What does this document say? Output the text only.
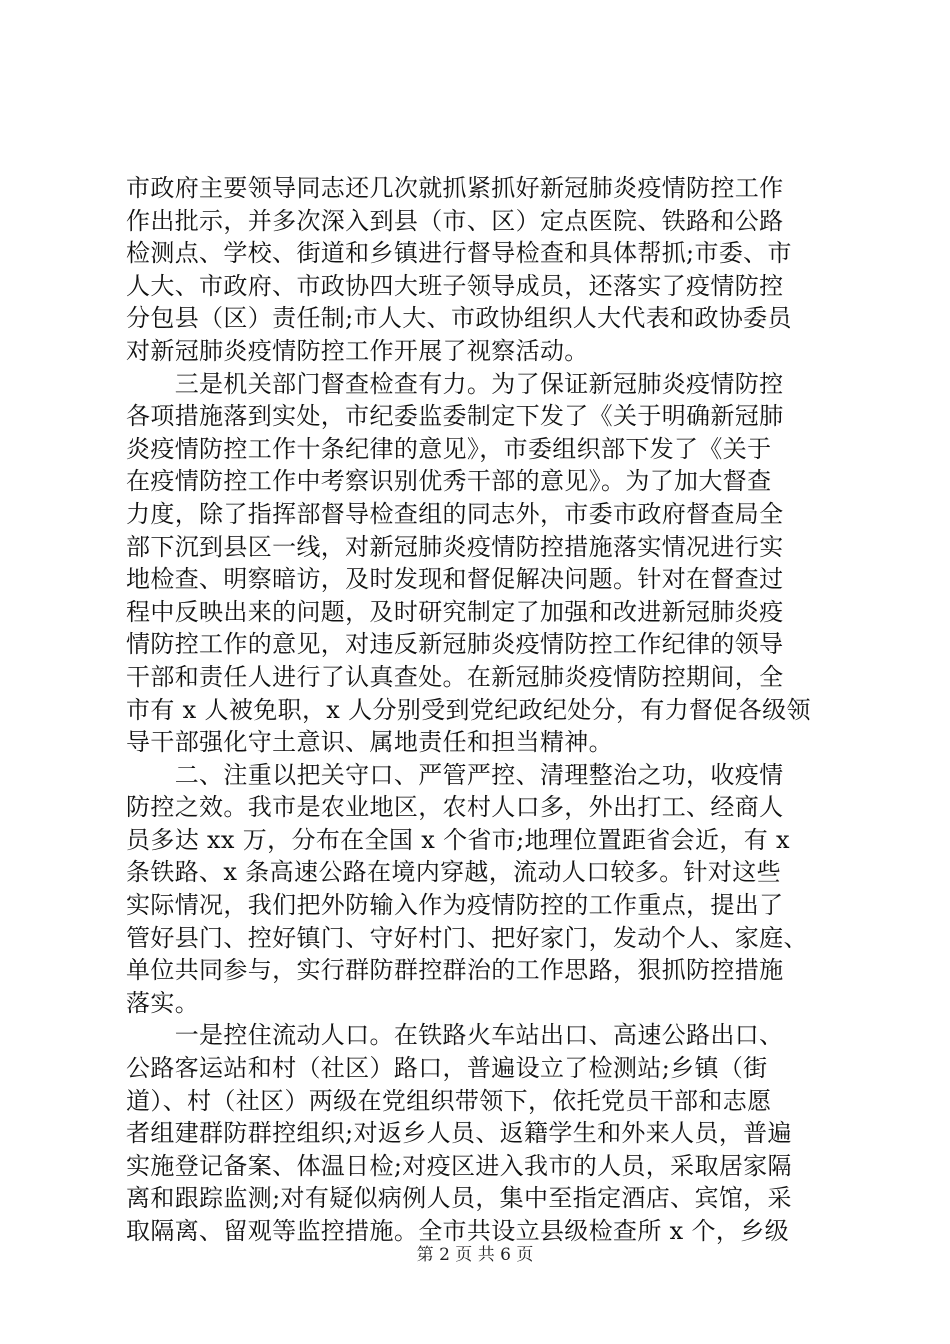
市政府主要领导同志还几次就抓紧抓好新冠肺炎疫情防控工作
作出批示，并多次深入到县（市、区）定点医院、铁路和公路
检测点、学校、街道和乡镇进行督导检查和具体帮抓;市委、市
人大、市政府、市政协四大班子领导成员，还落实了疫情防控
分包县（区）责任制;市人大、市政协组织人大代表和政协委员
对新冠肺炎疫情防控工作开展了视察活动。
　　三是机关部门督查检查有力。为了保证新冠肺炎疫情防控
各项措施落到实处，市纪委监委制定下发了《关于明确新冠肺
炎疫情防控工作十条纪律的意见》，市委组织部下发了《关于
在疫情防控工作中考察识别优秀干部的意见》。为了加大督查
力度，除了指挥部督导检查组的同志外，市委市政府督查局全
部下沉到县区一线，对新冠肺炎疫情防控措施落实情况进行实
地检查、明察暗访，及时发现和督促解决问题。针对在督查过
程中反映出来的问题，及时研究制定了加强和改进新冠肺炎疫
情防控工作的意见，对违反新冠肺炎疫情防控工作纪律的领导
干部和责任人进行了认真查处。在新冠肺炎疫情防控期间，全
市有 x 人被免职，x 人分别受到党纪政纪处分，有力督促各级领
导干部强化守土意识、属地责任和担当精神。
　　二、注重以把关守口、严管严控、清理整治之功，收疫情
防控之效。我市是农业地区，农村人口多，外出打工、经商人
员多达 xx 万，分布在全国 x 个省市;地理位置距省会近，有 x
条铁路、x 条高速公路在境内穿越，流动人口较多。针对这些
实际情况，我们把外防输入作为疫情防控的工作重点，提出了
管好县门、控好镇门、守好村门、把好家门，发动个人、家庭、
单位共同参与，实行群防群控群治的工作思路，狠抓防控措施
落实。
　　一是控住流动人口。在铁路火车站出口、高速公路出口、
公路客运站和村（社区）路口，普遍设立了检测站;乡镇（街
道）、村（社区）两级在党组织带领下，依托党员干部和志愿
者组建群防群控组织;对返乡人员、返籍学生和外来人员，普遍
实施登记备案、体温日检;对疫区进入我市的人员，采取居家隔
离和跟踪监测;对有疑似病例人员，集中至指定酒店、宾馆，采
取隔离、留观等监控措施。全市共设立县级检查所 x 个，乡级
第 2 页 共 6 页
